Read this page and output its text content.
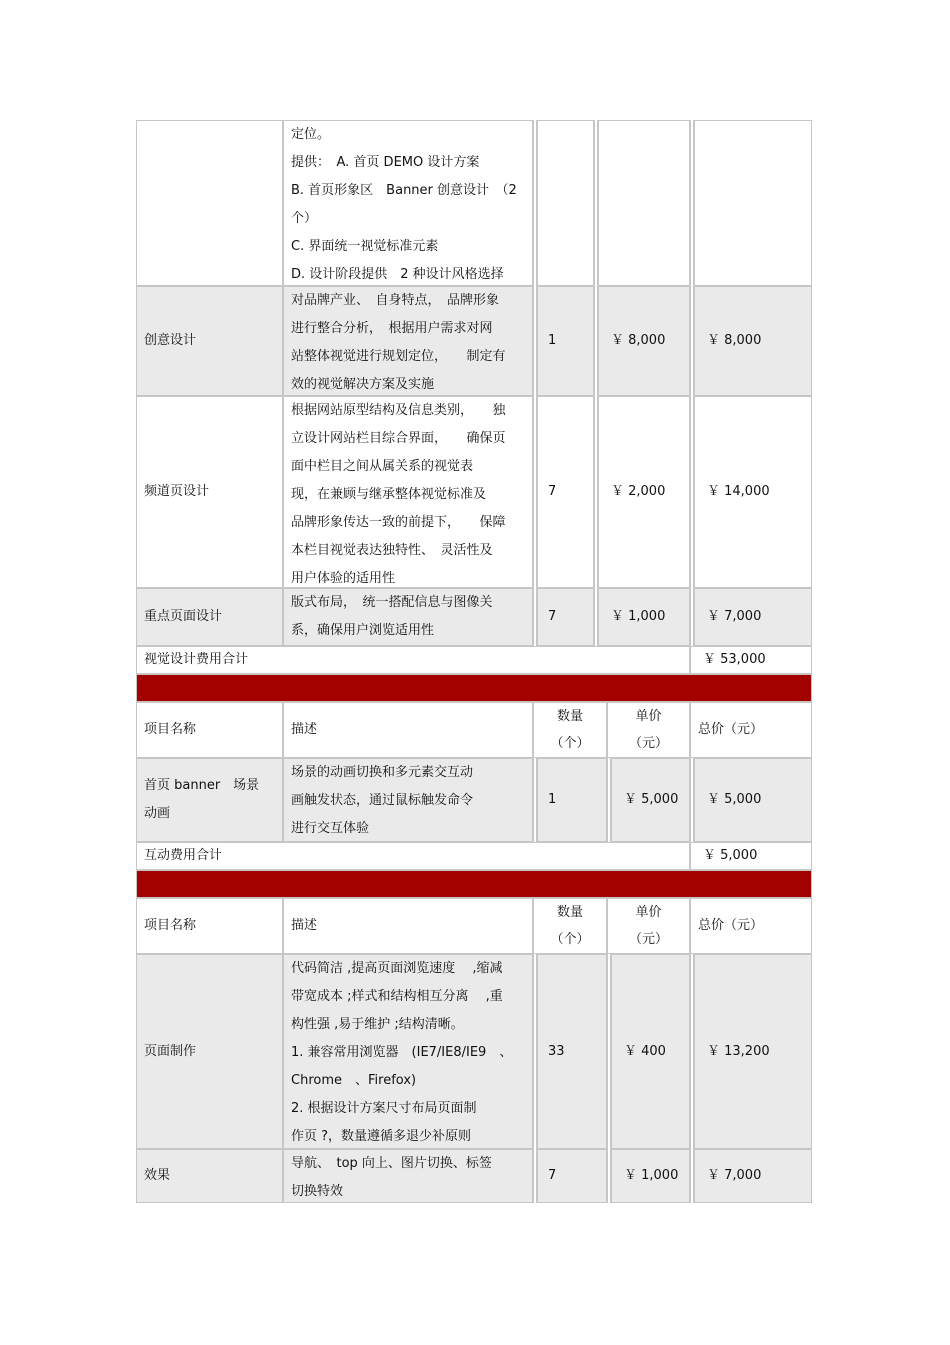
定位。
提供：　A. 首页 DEMO 设计方案
B. 首页形象区　Banner 创意设计　（2
个）
C. 界面统一视觉标准元素
D. 设计阶段提供　2 种设计风格选择
创意设计
对品牌产业、　自身特点，　品牌形象
进行整合分析，　根据用户需求对网
站整体视觉进行规划定位，　　制定有
效的视觉解决方案及实施
1	￥ 8,000	￥ 8,000
频道页设计
根据网站原型结构及信息类别，　　独
立设计网站栏目综合界面，　　确保页
面中栏目之间从属关系的视觉表
现，在兼顾与继承整体视觉标准及
品牌形象传达一致的前提下，　　保障
本栏目视觉表达独特性、　灵活性及
用户体验的适用性
7	￥ 2,000	￥ 14,000
重点页面设计
版式布局，　统一搭配信息与图像关
系，确保用户浏览适用性
7	￥ 1,000	￥ 7,000
视觉设计费用合计	￥ 53,000
项目名称	描述
数量
（个）
单价
（元）
总价（元）
首页 banner　场景
动画
场景的动画切换和多元素交互动
画触发状态，通过鼠标触发命令
进行交互体验
1	￥ 5,000 ￥ 5,000
互动费用合计	￥ 5,000
项目名称	描述
数量
（个）
单价
（元）
总价（元）
页面制作
代码简洁 ,提高页面浏览速度　 ,缩减
带宽成本 ;样式和结构相互分离　 ,重
构性强 ,易于维护 ;结构清晰。
1. 兼容常用浏览器　(IE7/IE8/IE9　、
Chrome　、Firefox)
2. 根据设计方案尺寸布局页面制
作页 ?，数量遵循多退少补原则
33	￥ 400	￥ 13,200
效果
导航、　top 向上、图片切换、标签
切换特效
7	￥ 1,000 ￥ 7,000
